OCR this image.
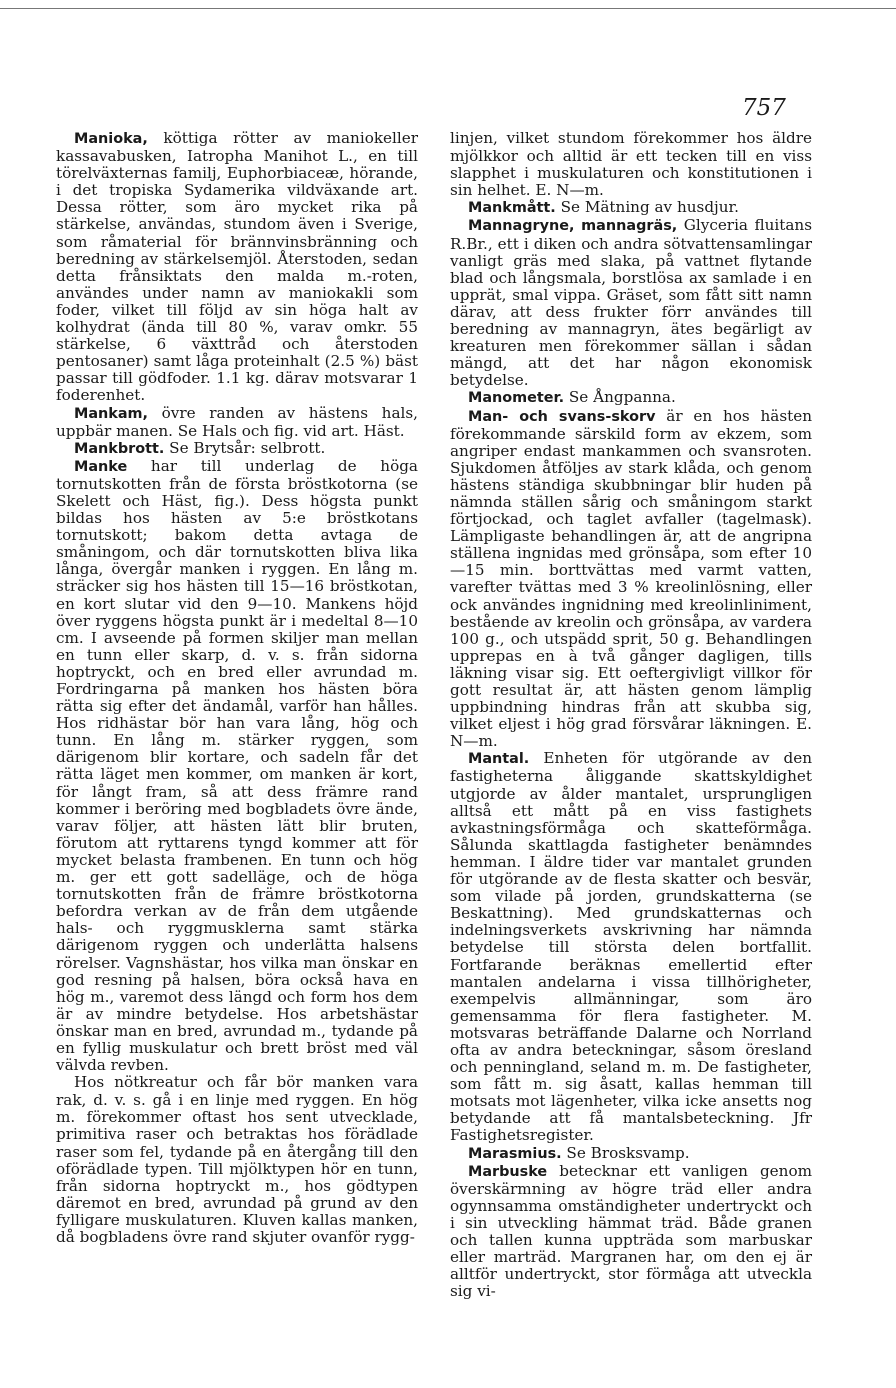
757

Manioka, köttiga rötter av maniokeller kassavabusken, Iatropha Manihot L., en till törelväxternas familj, Euphorbiaceæ, hörande, i det tropiska Sydamerika vildväxande art. Dessa rötter, som äro mycket rika på stärkelse, användas, stundom även i Sverige, som råmaterial för brännvinsbränning och beredning av stärkelsemjöl. Återstoden, sedan detta frånsiktats den malda m.-roten, användes under namn av maniokakli som foder, vilket till följd av sin höga halt av kolhydrat (ända till 80 %, varav omkr. 55 stärkelse, 6 växttråd och återstoden pentosaner) samt låga proteinhalt (2.5 %) bäst passar till gödfoder. 1.1 kg. därav motsvarar 1 foderenhet.

Mankam, övre randen av hästens hals, uppbär manen. Se Hals och fig. vid art. Häst.

Mankbrott. Se Brytsår: selbrott.

Manke har till underlag de höga tornutskotten från de första bröstkotorna (se Skelett och Häst, fig.). Dess högsta punkt bildas hos hästen av 5:e bröstkotans tornutskott; bakom detta avtaga de småningom, och där tornutskotten bliva lika långa, övergår manken i ryggen. En lång m. sträcker sig hos hästen till 15—16 bröstkotan, en kort slutar vid den 9—10. Mankens höjd över ryggens högsta punkt är i medeltal 8—10 cm. I avseende på formen skiljer man mellan en tunn eller skarp, d. v. s. från sidorna hoptryckt, och en bred eller avrundad m. Fordringarna på manken hos hästen böra rätta sig efter det ändamål, varför han hålles. Hos ridhästar bör han vara lång, hög och tunn. En lång m. stärker ryggen, som därigenom blir kortare, och sadeln får det rätta läget men kommer, om manken är kort, för långt fram, så att dess främre rand kommer i beröring med bogbladets övre ände, varav följer, att hästen lätt blir bruten, förutom att ryttarens tyngd kommer att för mycket belasta frambenen. En tunn och hög m. ger ett gott sadelläge, och de höga tornutskotten från de främre bröstkotorna befordra verkan av de från dem utgående hals- och ryggmusklerna samt stärka därigenom ryggen och underlätta halsens rörelser. Vagnshästar, hos vilka man önskar en god resning på halsen, böra också hava en hög m., varemot dess längd och form hos dem är av mindre betydelse. Hos arbetshästar önskar man en bred, avrundad m., tydande på en fyllig muskulatur och brett bröst med väl välvda revben.

Hos nötkreatur och får bör manken vara rak, d. v. s. gå i en linje med ryggen. En hög m. förekommer oftast hos sent utvecklade, primitiva raser och betraktas hos förädlade raser som fel, tydande på en återgång till den oförädlade typen. Till mjölktypen hör en tunn, från sidorna hoptryckt m., hos gödtypen däremot en bred, avrundad på grund av den fylligare muskulaturen. Kluven kallas manken, då bogbladens övre rand skjuter ovanför rygg-

linjen, vilket stundom förekommer hos äldre mjölkkor och alltid är ett tecken till en viss slapphet i muskulaturen och konstitutionen i sin helhet. E. N—m.

Mankmått. Se Mätning av husdjur.

Mannagryne, mannagräs, Glyceria fluitans R.Br., ett i diken och andra sötvattensamlingar vanligt gräs med slaka, på vattnet flytande blad och långsmala, borstlösa ax samlade i en upprät, smal vippa. Gräset, som fått sitt namn därav, att dess frukter förr användes till beredning av mannagryn, ätes begärligt av kreaturen men förekommer sällan i sådan mängd, att det har någon ekonomisk betydelse.

Manometer. Se Ångpanna.

Man- och svans-skorv är en hos hästen förekommande särskild form av ekzem, som angriper endast mankammen och svansroten. Sjukdomen åtföljes av stark klåda, och genom hästens ständiga skubbningar blir huden på nämnda ställen sårig och småningom starkt förtjockad, och taglet avfaller (tagelmask). Lämpligaste behandlingen är, att de angripna ställena ingnidas med grönsåpa, som efter 10—15 min. borttvättas med varmt vatten, varefter tvättas med 3 % kreolinlösning, eller ock användes ingnidning med kreolinliniment, bestående av kreolin och grönsåpa, av vardera 100 g., och utspädd sprit, 50 g. Behandlingen upprepas en à två gånger dagligen, tills läkning visar sig. Ett oeftergivligt villkor för gott resultat är, att hästen genom lämplig uppbindning hindras från att skubba sig, vilket eljest i hög grad försvårar läkningen. E. N—m.

Mantal. Enheten för utgörande av den fastigheterna åliggande skattskyldighet utgjorde av ålder mantalet, ursprungligen alltså ett mått på en viss fastighets avkastningsförmåga och skatteförmåga. Sålunda skattlagda fastigheter benämndes hemman. I äldre tider var mantalet grunden för utgörande av de flesta skatter och besvär, som vilade på jorden, grundskatterna (se Beskattning). Med grundskatternas och indelningsverkets avskrivning har nämnda betydelse till största delen bortfallit. Fortfarande beräknas emellertid efter mantalen andelarna i vissa tillhörigheter, exempelvis allmänningar, som äro gemensamma för flera fastigheter. M. motsvaras beträffande Dalarne och Norrland ofta av andra beteckningar, såsom öresland och penningland, seland m. m. De fastigheter, som fått m. sig åsatt, kallas hemman till motsats mot lägenheter, vilka icke ansetts nog betydande att få mantalsbeteckning. Jfr Fastighetsregister.

Marasmius. Se Brosksvamp.

Marbuske betecknar ett vanligen genom överskärmning av högre träd eller andra ogynnsamma omständigheter undertryckt och i sin utveckling hämmat träd. Både granen och tallen kunna uppträda som marbuskar eller marträd. Margranen har, om den ej är alltför undertryckt, stor förmåga att utveckla sig vi-
